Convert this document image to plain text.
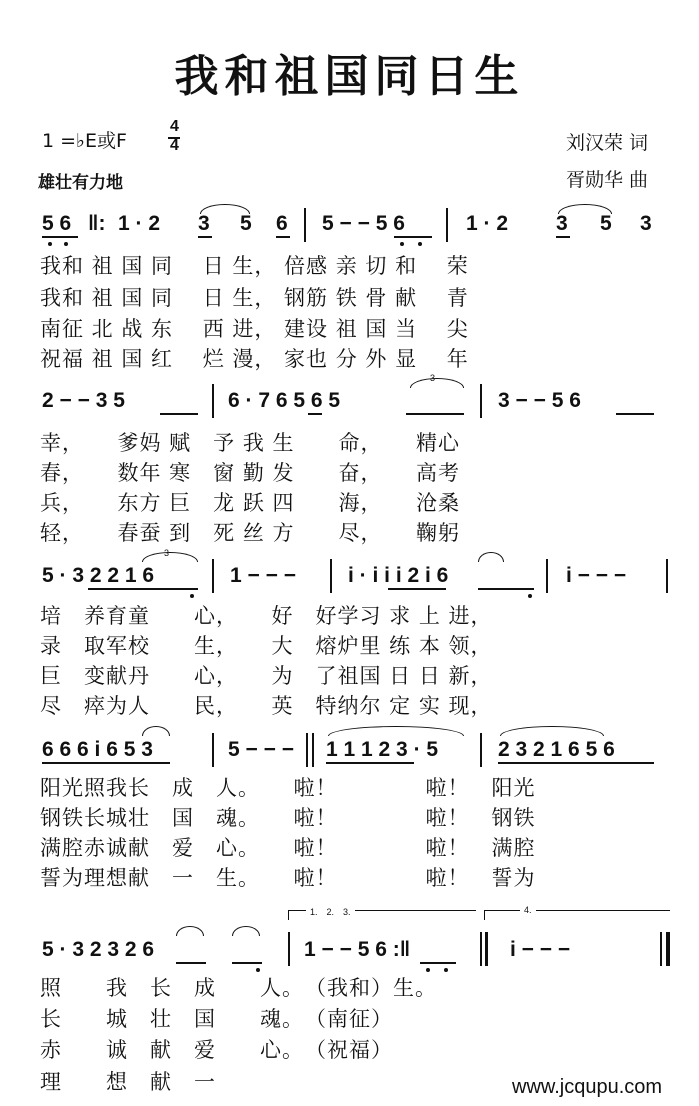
我和祖国同日生
1 =♭E或F
4
4
雄壮有力地
刘汉荣 词
胥勋华 曲
5 6 ‖: 1 · 2 3 5 6 5 − − 5 6	1 · 2 3 5 3
我和 祖 国 同 　日 生， 倍感 亲 切 和 　荣
我和 祖 国 同 　日 生， 钢筋 铁 骨 献 　青
南征 北 战 东 　西 进， 建设 祖 国 当 　尖
祝福 祖 国 红 　烂 漫， 家也 分 外 显 　年
2 − − 3 5	6 · 7 6 5 6 5
3
3 − − 5 6
幸，　　爹妈 赋　予 我 生　　命，　　精心
春，　　数年 寒　窗 勤 发　　奋，　　高考
兵，　　东方 巨　龙 跃 四　　海，　　沧桑
轻，　　春蚕 到　死 丝 方　　尽，　　鞠躬
5 · 3 2 2 1 6
3
1 − − − i · i i i 2 i 6	i − − −
培　养育童　　心，　　好　好学习 求 上 进，
录　取军校　　生，　　大　熔炉里 练 本 领，
巨　变献丹　　心，　　为　了祖国 日 日 新，
尽　瘁为人　　民，　　英　特纳尔 定 实 现，
6 6 6 i 6 5 3	5 − − − 1 1 1 2 3 · 5	2 3 2 1 6 5 6
阳光照我长　成　人。　　啦！　　　　啦！　阳光
钢铁长城壮　国　魂。　　啦！　　　　啦！　钢铁
满腔赤诚献　爱　心。　　啦！　　　　啦！　满腔
誓为理想献　一　生。　　啦！　　　　啦！　誓为
1.　2.　3.	4.
5 · 3 2 3 2 6	1 − − 5 6 :‖	i − − −
照　　我　长　成　　人。　（我和）生。
长　　城　壮　国　　魂。　（南征）
赤　　诚　献　爱　　心。　（祝福）
理　　想　献　一	www.jcqupu.com
